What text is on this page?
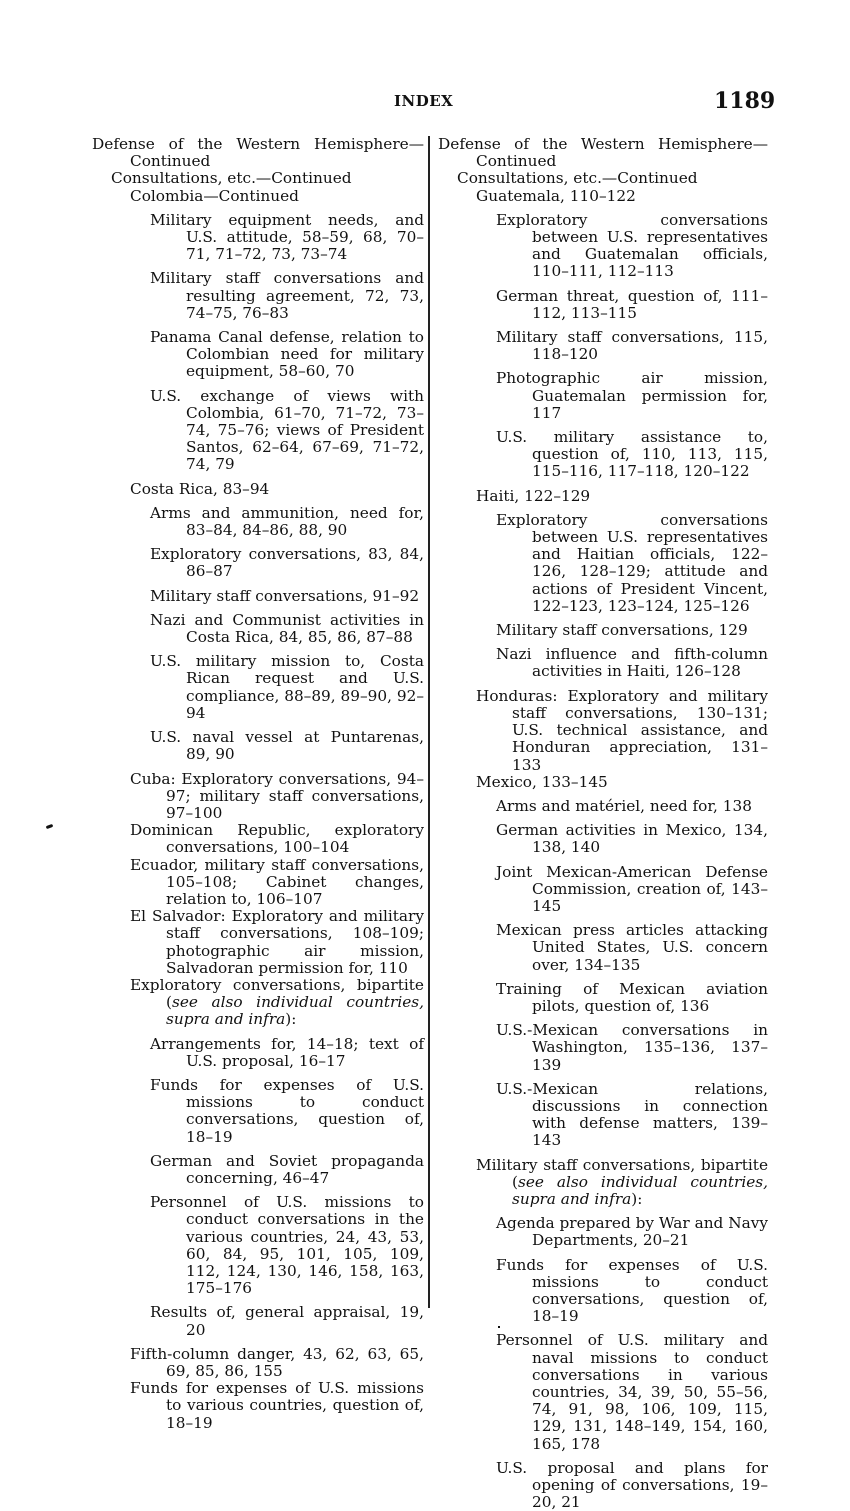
INDEX	1189

Defense of the Western Hemisphere—Continued

Consultations, etc.—Continued

Colombia—Continued

Military equipment needs, and U.S. attitude, 58–59, 68, 70–71, 71–72, 73, 73–74

Military staff conversations and resulting agreement, 72, 73, 74–75, 76–83

Panama Canal defense, relation to Colombian need for military equipment, 58–60, 70

U.S. exchange of views with Colombia, 61–70, 71–72, 73–74, 75–76; views of President Santos, 62–64, 67–69, 71–72, 74, 79

Costa Rica, 83–94

Arms and ammunition, need for, 83–84, 84–86, 88, 90

Exploratory conversations, 83, 84, 86–87

Military staff conversations, 91–92

Nazi and Communist activities in Costa Rica, 84, 85, 86, 87–88

U.S. military mission to, Costa Rican request and U.S. compliance, 88–89, 89–90, 92–94

U.S. naval vessel at Puntarenas, 89, 90

Cuba: Exploratory conversations, 94–97; military staff conversations, 97–100

Dominican Republic, exploratory conversations, 100–104

Ecuador, military staff conversations, 105–108; Cabinet changes, relation to, 106–107

El Salvador: Exploratory and military staff conversations, 108–109; photographic air mission, Salvadoran permission for, 110

Exploratory conversations, bipartite (see also individual countries, supra and infra):

Arrangements for, 14–18; text of U.S. proposal, 16–17

Funds for expenses of U.S. missions to conduct conversations, question of, 18–19

German and Soviet propaganda concerning, 46–47

Personnel of U.S. missions to conduct conversations in the various countries, 24, 43, 53, 60, 84, 95, 101, 105, 109, 112, 124, 130, 146, 158, 163, 175–176

Results of, general appraisal, 19, 20

Fifth-column danger, 43, 62, 63, 65, 69, 85, 86, 155

Funds for expenses of U.S. missions to various countries, question of, 18–19

Defense of the Western Hemisphere—Continued

Consultations, etc.—Continued

Guatemala, 110–122

Exploratory conversations between U.S. representatives and Guatemalan officials, 110–111, 112–113

German threat, question of, 111–112, 113–115

Military staff conversations, 115, 118–120

Photographic air mission, Guatemalan permission for, 117

U.S. military assistance to, question of, 110, 113, 115, 115–116, 117–118, 120–122

Haiti, 122–129

Exploratory conversations between U.S. representatives and Haitian officials, 122–126, 128–129; attitude and actions of President Vincent, 122–123, 123–124, 125–126

Military staff conversations, 129

Nazi influence and fifth-column activities in Haiti, 126–128

Honduras: Exploratory and military staff conversations, 130–131; U.S. technical assistance, and Honduran appreciation, 131–133

Mexico, 133–145

Arms and matériel, need for, 138

German activities in Mexico, 134, 138, 140

Joint Mexican-American Defense Commission, creation of, 143–145

Mexican press articles attacking United States, U.S. concern over, 134–135

Training of Mexican aviation pilots, question of, 136

U.S.-Mexican conversations in Washington, 135–136, 137–139

U.S.-Mexican relations, discussions in connection with defense matters, 139–143

Military staff conversations, bipartite (see also individual countries, supra and infra):

Agenda prepared by War and Navy Departments, 20–21

Funds for expenses of U.S. missions to conduct conversations, question of, 18–19

Personnel of U.S. military and naval missions to conduct conversations in various countries, 34, 39, 50, 55–56, 74, 91, 98, 106, 109, 115, 129, 131, 148–149, 154, 160, 165, 178

U.S. proposal and plans for opening of conversations, 19–20, 21
